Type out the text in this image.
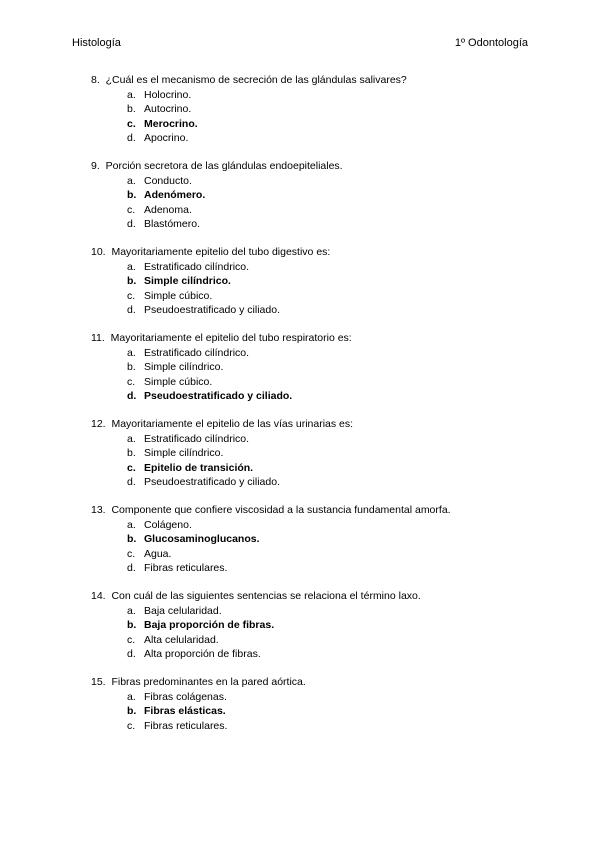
Histología	1º Odontología
8. ¿Cuál es el mecanismo de secreción de las glándulas salivares?
a. Holocrino.
b. Autocrino.
c. Merocrino.
d. Apocrino.
9. Porción secretora de las glándulas endoepiteliales.
a. Conducto.
b. Adenómero.
c. Adenoma.
d. Blastómero.
10. Mayoritariamente epitelio del tubo digestivo es:
a. Estratificado cilíndrico.
b. Simple cilíndrico.
c. Simple cúbico.
d. Pseudoestratificado y ciliado.
11. Mayoritariamente el epitelio del tubo respiratorio es:
a. Estratificado cilíndrico.
b. Simple cilíndrico.
c. Simple cúbico.
d. Pseudoestratificado y ciliado.
12. Mayoritariamente el epitelio de las vías urinarias es:
a. Estratificado cilíndrico.
b. Simple cilíndrico.
c. Epitelio de transición.
d. Pseudoestratificado y ciliado.
13. Componente que confiere viscosidad a la sustancia fundamental amorfa.
a. Colágeno.
b. Glucosaminoglucanos.
c. Agua.
d. Fibras reticulares.
14. Con cuál de las siguientes sentencias se relaciona el término laxo.
a. Baja celularidad.
b. Baja proporción de fibras.
c. Alta celularidad.
d. Alta proporción de fibras.
15. Fibras predominantes en la pared aórtica.
a. Fibras colágenas.
b. Fibras elásticas.
c. Fibras reticulares.
